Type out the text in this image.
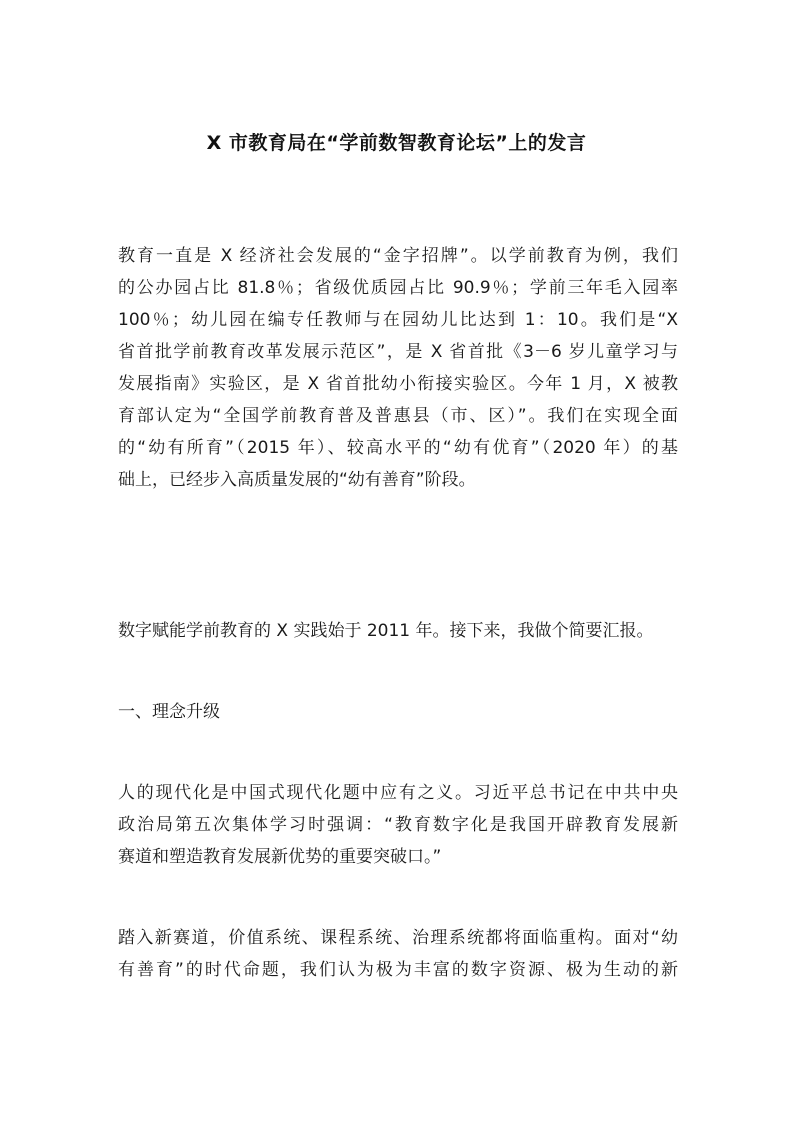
X 市教育局在“学前数智教育论坛”上的发言
教育一直是 X 经济社会发展的“金字招牌”。以学前教育为例，我们
的公办园占比 81.8％；省级优质园占比 90.9％；学前三年毛入园率
100％；幼儿园在编专任教师与在园幼儿比达到 1：10。我们是“X
省首批学前教育改革发展示范区”，是 X 省首批《3－6 岁儿童学习与
发展指南》实验区，是 X 省首批幼小衔接实验区。今年 1 月，X 被教
育部认定为“全国学前教育普及普惠县（市、区）”。我们在实现全面
的“幼有所育”（2015 年）、较高水平的“幼有优育”（2020 年）的基
础上，已经步入高质量发展的“幼有善育”阶段。
数字赋能学前教育的 X 实践始于 2011 年。接下来，我做个简要汇报。
一、理念升级
人的现代化是中国式现代化题中应有之义。习近平总书记在中共中央
政治局第五次集体学习时强调：“教育数字化是我国开辟教育发展新
赛道和塑造教育发展新优势的重要突破口。”
踏入新赛道，价值系统、课程系统、治理系统都将面临重构。面对“幼
有善育”的时代命题，我们认为极为丰富的数字资源、极为生动的新
